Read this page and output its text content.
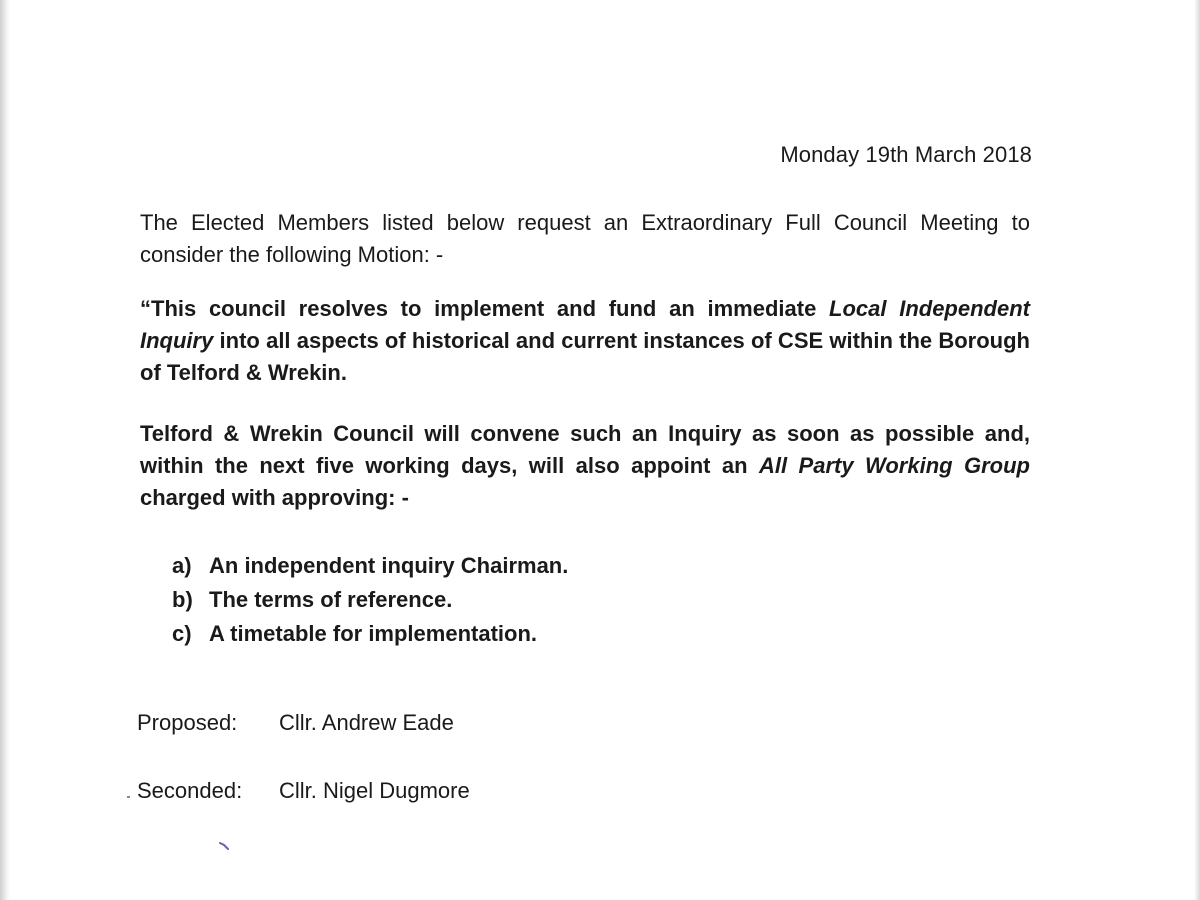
Monday 19th March 2018
The Elected Members listed below request an Extraordinary Full Council Meeting to consider the following Motion: -
“This council resolves to implement and fund an immediate Local Independent Inquiry into all aspects of historical and current instances of CSE within the Borough of Telford & Wrekin.
Telford & Wrekin Council will convene such an Inquiry as soon as possible and, within the next five working days, will also appoint an All Party Working Group charged with approving: -
a) An independent inquiry Chairman.
b) The terms of reference.
c) A timetable for implementation.
Proposed:	Cllr. Andrew Eade
Seconded:	Cllr. Nigel Dugmore
